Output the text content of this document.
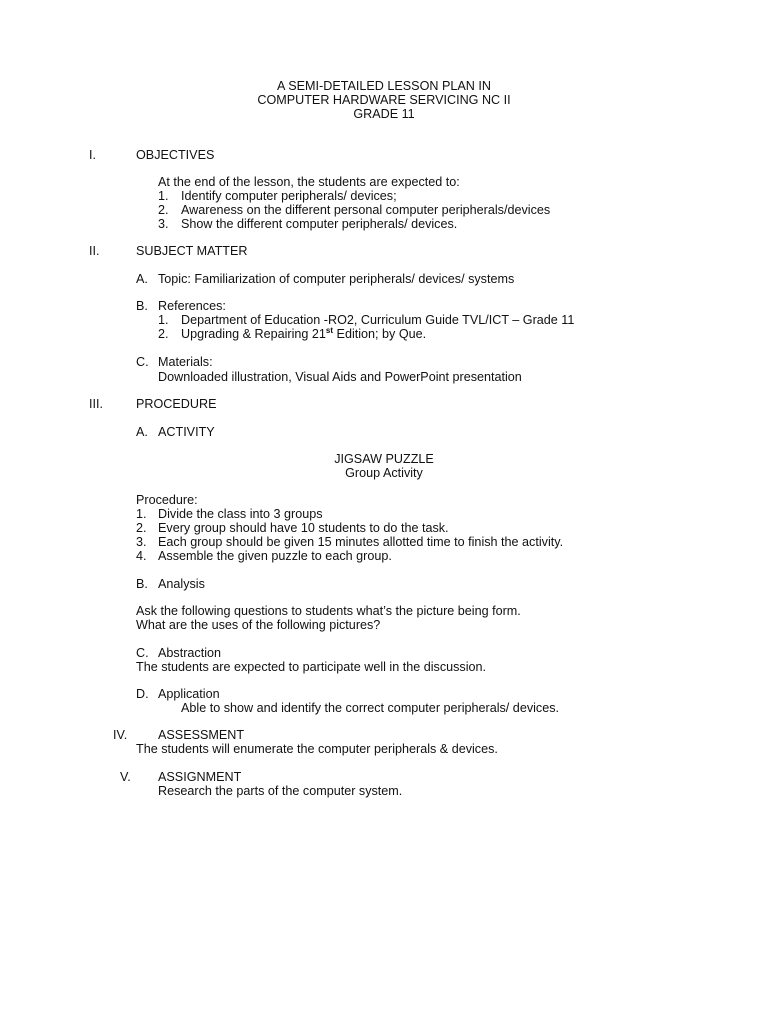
A SEMI-DETAILED LESSON PLAN IN
COMPUTER HARDWARE SERVICING NC II
GRADE 11
I.	OBJECTIVES
At the end of the lesson, the students are expected to:
1. Identify computer peripherals/ devices;
2. Awareness on the different personal computer peripherals/devices
3. Show the different computer peripherals/ devices.
II.	SUBJECT MATTER
A. Topic: Familiarization of computer peripherals/ devices/ systems
B. References:
1. Department of Education -RO2, Curriculum Guide TVL/ICT – Grade 11
2. Upgrading & Repairing 21st Edition; by Que.
C. Materials:
Downloaded illustration, Visual Aids and PowerPoint presentation
III.	PROCEDURE
A. ACTIVITY
JIGSAW PUZZLE
Group Activity
Procedure:
1. Divide the class into 3 groups
2. Every group should have 10 students to do the task.
3. Each group should be given 15 minutes allotted time to finish the activity.
4. Assemble the given puzzle to each group.
B. Analysis
Ask the following questions to students what’s the picture being form.
What are the uses of the following pictures?
C. Abstraction
The students are expected to participate well in the discussion.
D. Application
Able to show and identify the correct computer peripherals/ devices.
IV. ASSESSMENT
The students will enumerate the computer peripherals & devices.
V. ASSIGNMENT
Research the parts of the computer system.
